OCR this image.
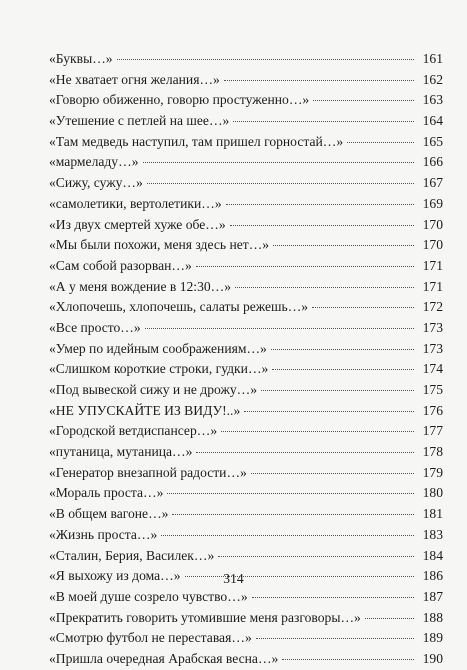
«Буквы…»	161
«Не хватает огня желания…»	162
«Говорю обиженно, говорю простуженно…»	163
«Утешение с петлей на шее…»	164
«Там медведь наступил, там пришел горностай…»	165
«мармеладу…»	166
«Сижу, сужу…»	167
«самолетики, вертолетики…»	169
«Из двух смертей хуже обе…»	170
«Мы были похожи, меня здесь нет…»	170
«Сам собой разорван…»	171
«А у меня вождение в 12:30…»	171
«Хлопочешь, хлопочешь, салаты режешь…»	172
«Все просто…»	173
«Умер по идейным соображениям…»	173
«Слишком короткие строки, гудки…»	174
«Под вывеской сижу и не дрожу…»	175
«НЕ УПУСКАЙТЕ ИЗ ВИДУ!..»	176
«Городской ветдиспансер…»	177
«путаница, мутаница…»	178
«Генератор внезапной радости…»	179
«Мораль проста…»	180
«В общем вагоне…»	181
«Жизнь проста…»	183
«Сталин, Берия, Василек…»	184
«Я выхожу из дома…»	186
«В моей душе созрело чувство…»	187
«Прекратить говорить утомившие меня разговоры…»	188
«Смотрю футбол не переставая…»	189
«Пришла очередная Арабская весна…»	190
314
